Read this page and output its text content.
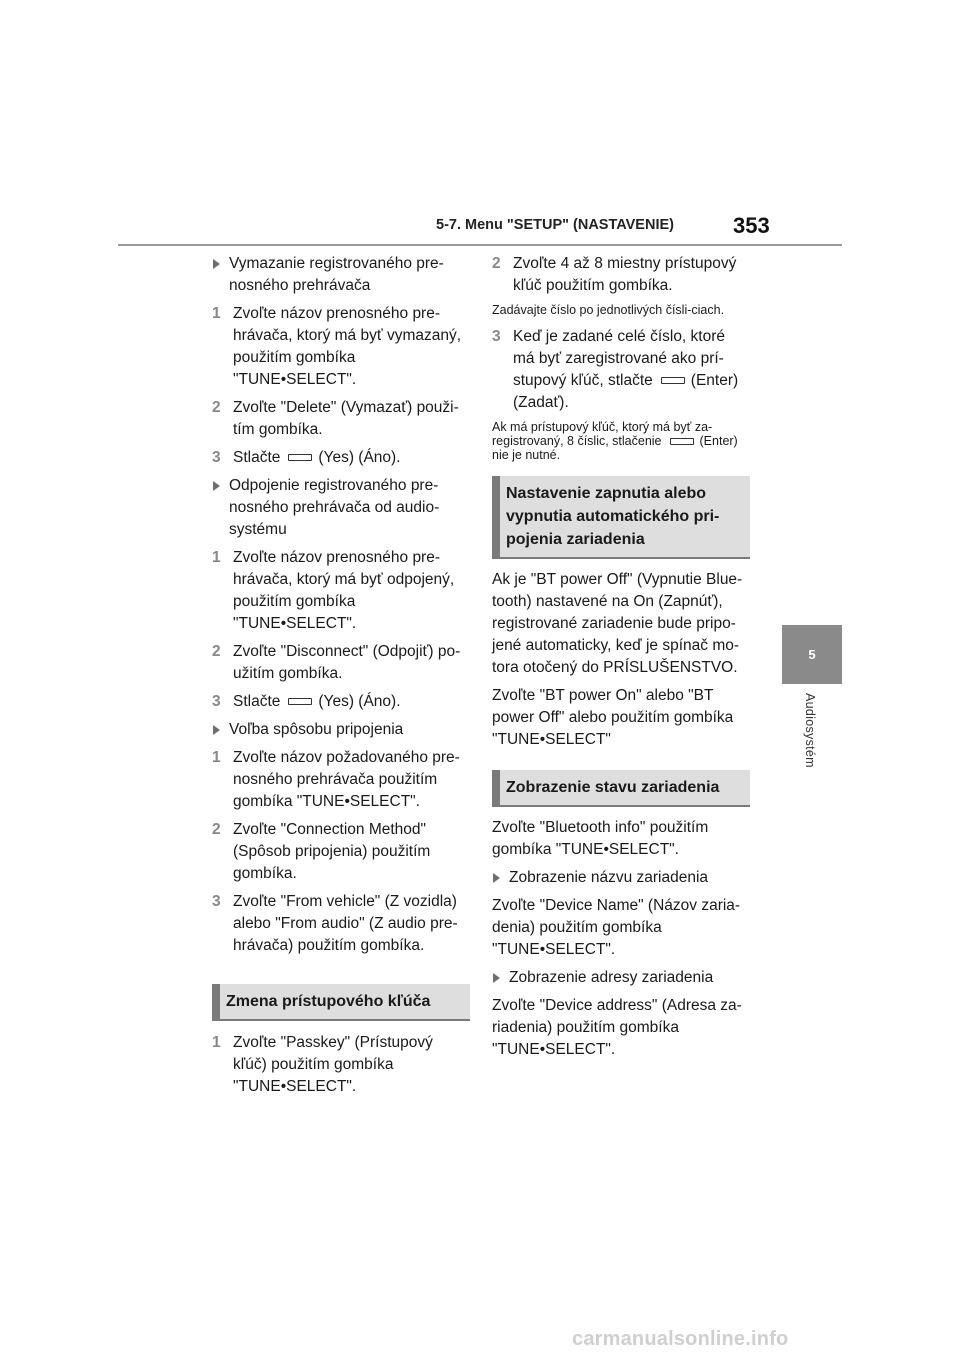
5-7. Menu "SETUP" (NASTAVENIE)	353
5
Audiosystém
Vymazanie registrovaného pre-nosného prehrávača
1 Zvoľte názov prenosného pre-hrávača, ktorý má byť vymazaný, použitím gombíka "TUNE•SELECT".
2 Zvoľte "Delete" (Vymazať) použi-tím gombíka.
3 Stlačte (Yes) (Áno).
Odpojenie registrovaného pre-nosného prehrávača od audio-systému
1 Zvoľte názov prenosného pre-hrávača, ktorý má byť odpojený, použitím gombíka "TUNE•SELECT".
2 Zvoľte "Disconnect" (Odpojiť) po-užitím gombíka.
3 Stlačte (Yes) (Áno).
Voľba spôsobu pripojenia
1 Zvoľte názov požadovaného pre-nosného prehrávača použitím gombíka "TUNE•SELECT".
2 Zvoľte "Connection Method" (Spôsob pripojenia) použitím gombíka.
3 Zvoľte "From vehicle" (Z vozidla) alebo "From audio" (Z audio pre-hrávača) použitím gombíka.
Zmena prístupového kľúča
1 Zvoľte "Passkey" (Prístupový kľúč) použitím gombíka "TUNE•SELECT".
2 Zvoľte 4 až 8 miestny prístupový kľúč použitím gombíka.
Zadávajte číslo po jednotlivých čísli-ciach.
3 Keď je zadané celé číslo, ktoré má byť zaregistrované ako prí-stupový kľúč, stlačte (Enter) (Zadať).
Ak má prístupový kľúč, ktorý má byť za-registrovaný, 8 číslic, stlačenie	(Enter) nie je nutné.
Nastavenie zapnutia alebo vypnutia automatického pri-pojenia zariadenia
Ak je "BT power Off" (Vypnutie Blue-tooth) nastavené na On (Zapnúť), registrované zariadenie bude pripo-jené automaticky, keď je spínač mo-tora otočený do PRÍSLUŠENSTVO.
Zvoľte "BT power On" alebo "BT power Off" alebo použitím gombíka "TUNE•SELECT"
Zobrazenie stavu zariadenia
Zvoľte "Bluetooth info" použitím gombíka "TUNE•SELECT".
Zobrazenie názvu zariadenia
Zvoľte "Device Name" (Názov zaria-denia) použitím gombíka "TUNE•SELECT".
Zobrazenie adresy zariadenia
Zvoľte "Device address" (Adresa za-riadenia) použitím gombíka "TUNE•SELECT".
carmanualsonline.info
